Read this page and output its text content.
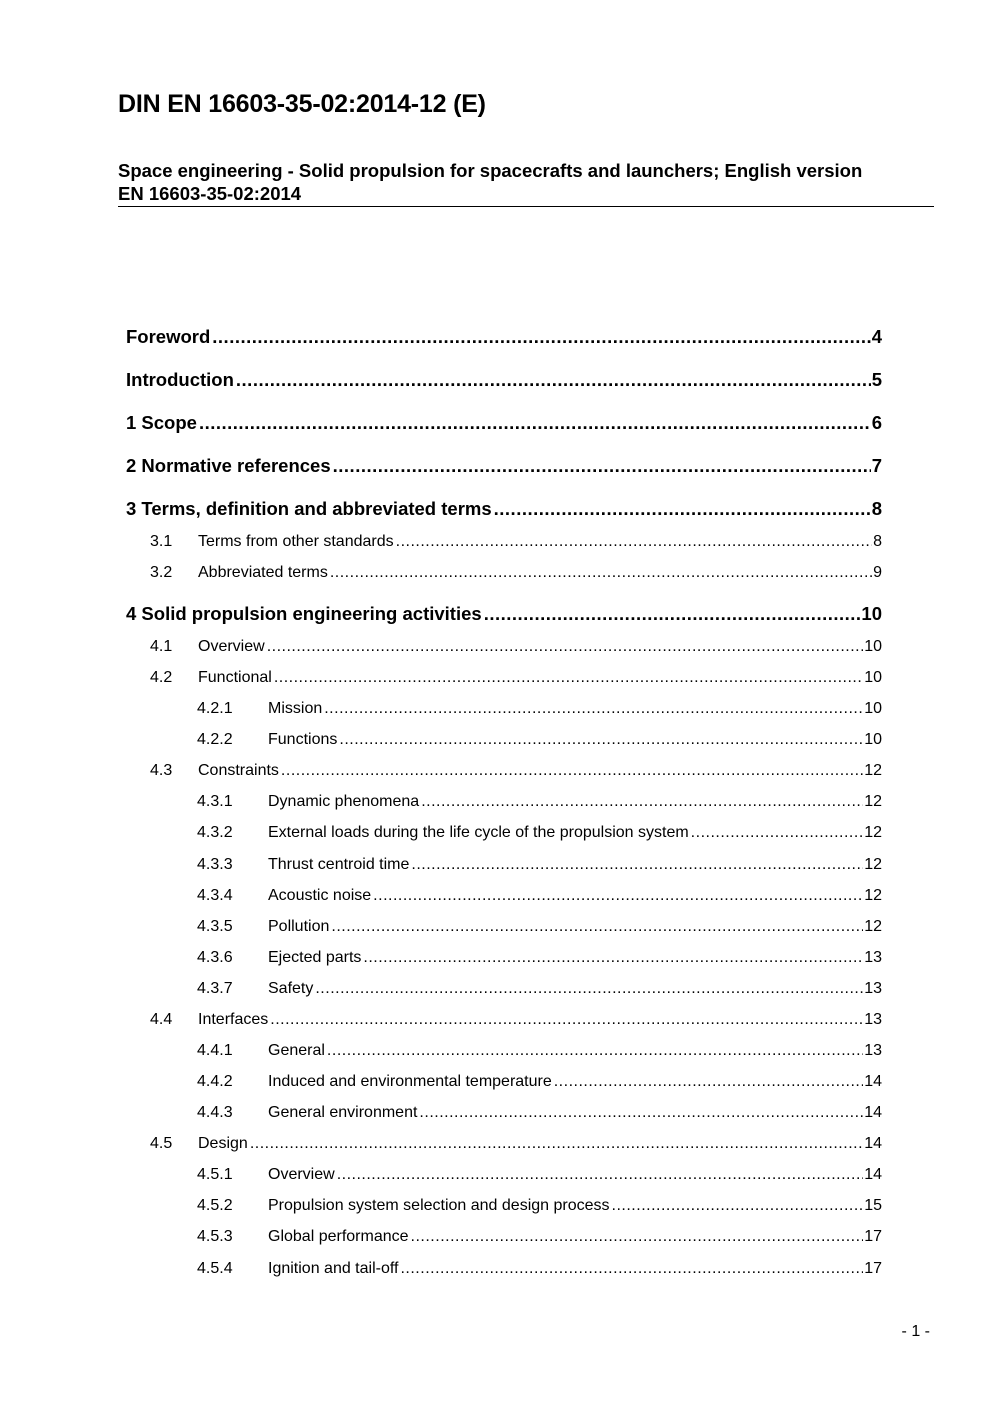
DIN EN 16603-35-02:2014-12 (E)
Space engineering - Solid propulsion for spacecrafts and launchers; English version
EN 16603-35-02:2014
Foreword .....	4
Introduction .....	5
1 Scope .....	6
2 Normative references .....	7
3 Terms, definition and abbreviated terms .....	8
3.1	Terms from other standards .....	8
3.2	Abbreviated terms .....	9
4 Solid propulsion engineering activities .....	10
4.1	Overview .....	10
4.2	Functional .....	10
4.2.1	Mission .....	10
4.2.2	Functions .....	10
4.3	Constraints .....	12
4.3.1	Dynamic phenomena .....	12
4.3.2	External loads during the life cycle of the propulsion system .....	12
4.3.3	Thrust centroid time .....	12
4.3.4	Acoustic noise .....	12
4.3.5	Pollution .....	12
4.3.6	Ejected parts .....	13
4.3.7	Safety .....	13
4.4	Interfaces .....	13
4.4.1	General .....	13
4.4.2	Induced and environmental temperature .....	14
4.4.3	General environment .....	14
4.5	Design .....	14
4.5.1	Overview .....	14
4.5.2	Propulsion system selection and design process .....	15
4.5.3	Global performance .....	17
4.5.4	Ignition and tail-off .....	17
- 1 -
